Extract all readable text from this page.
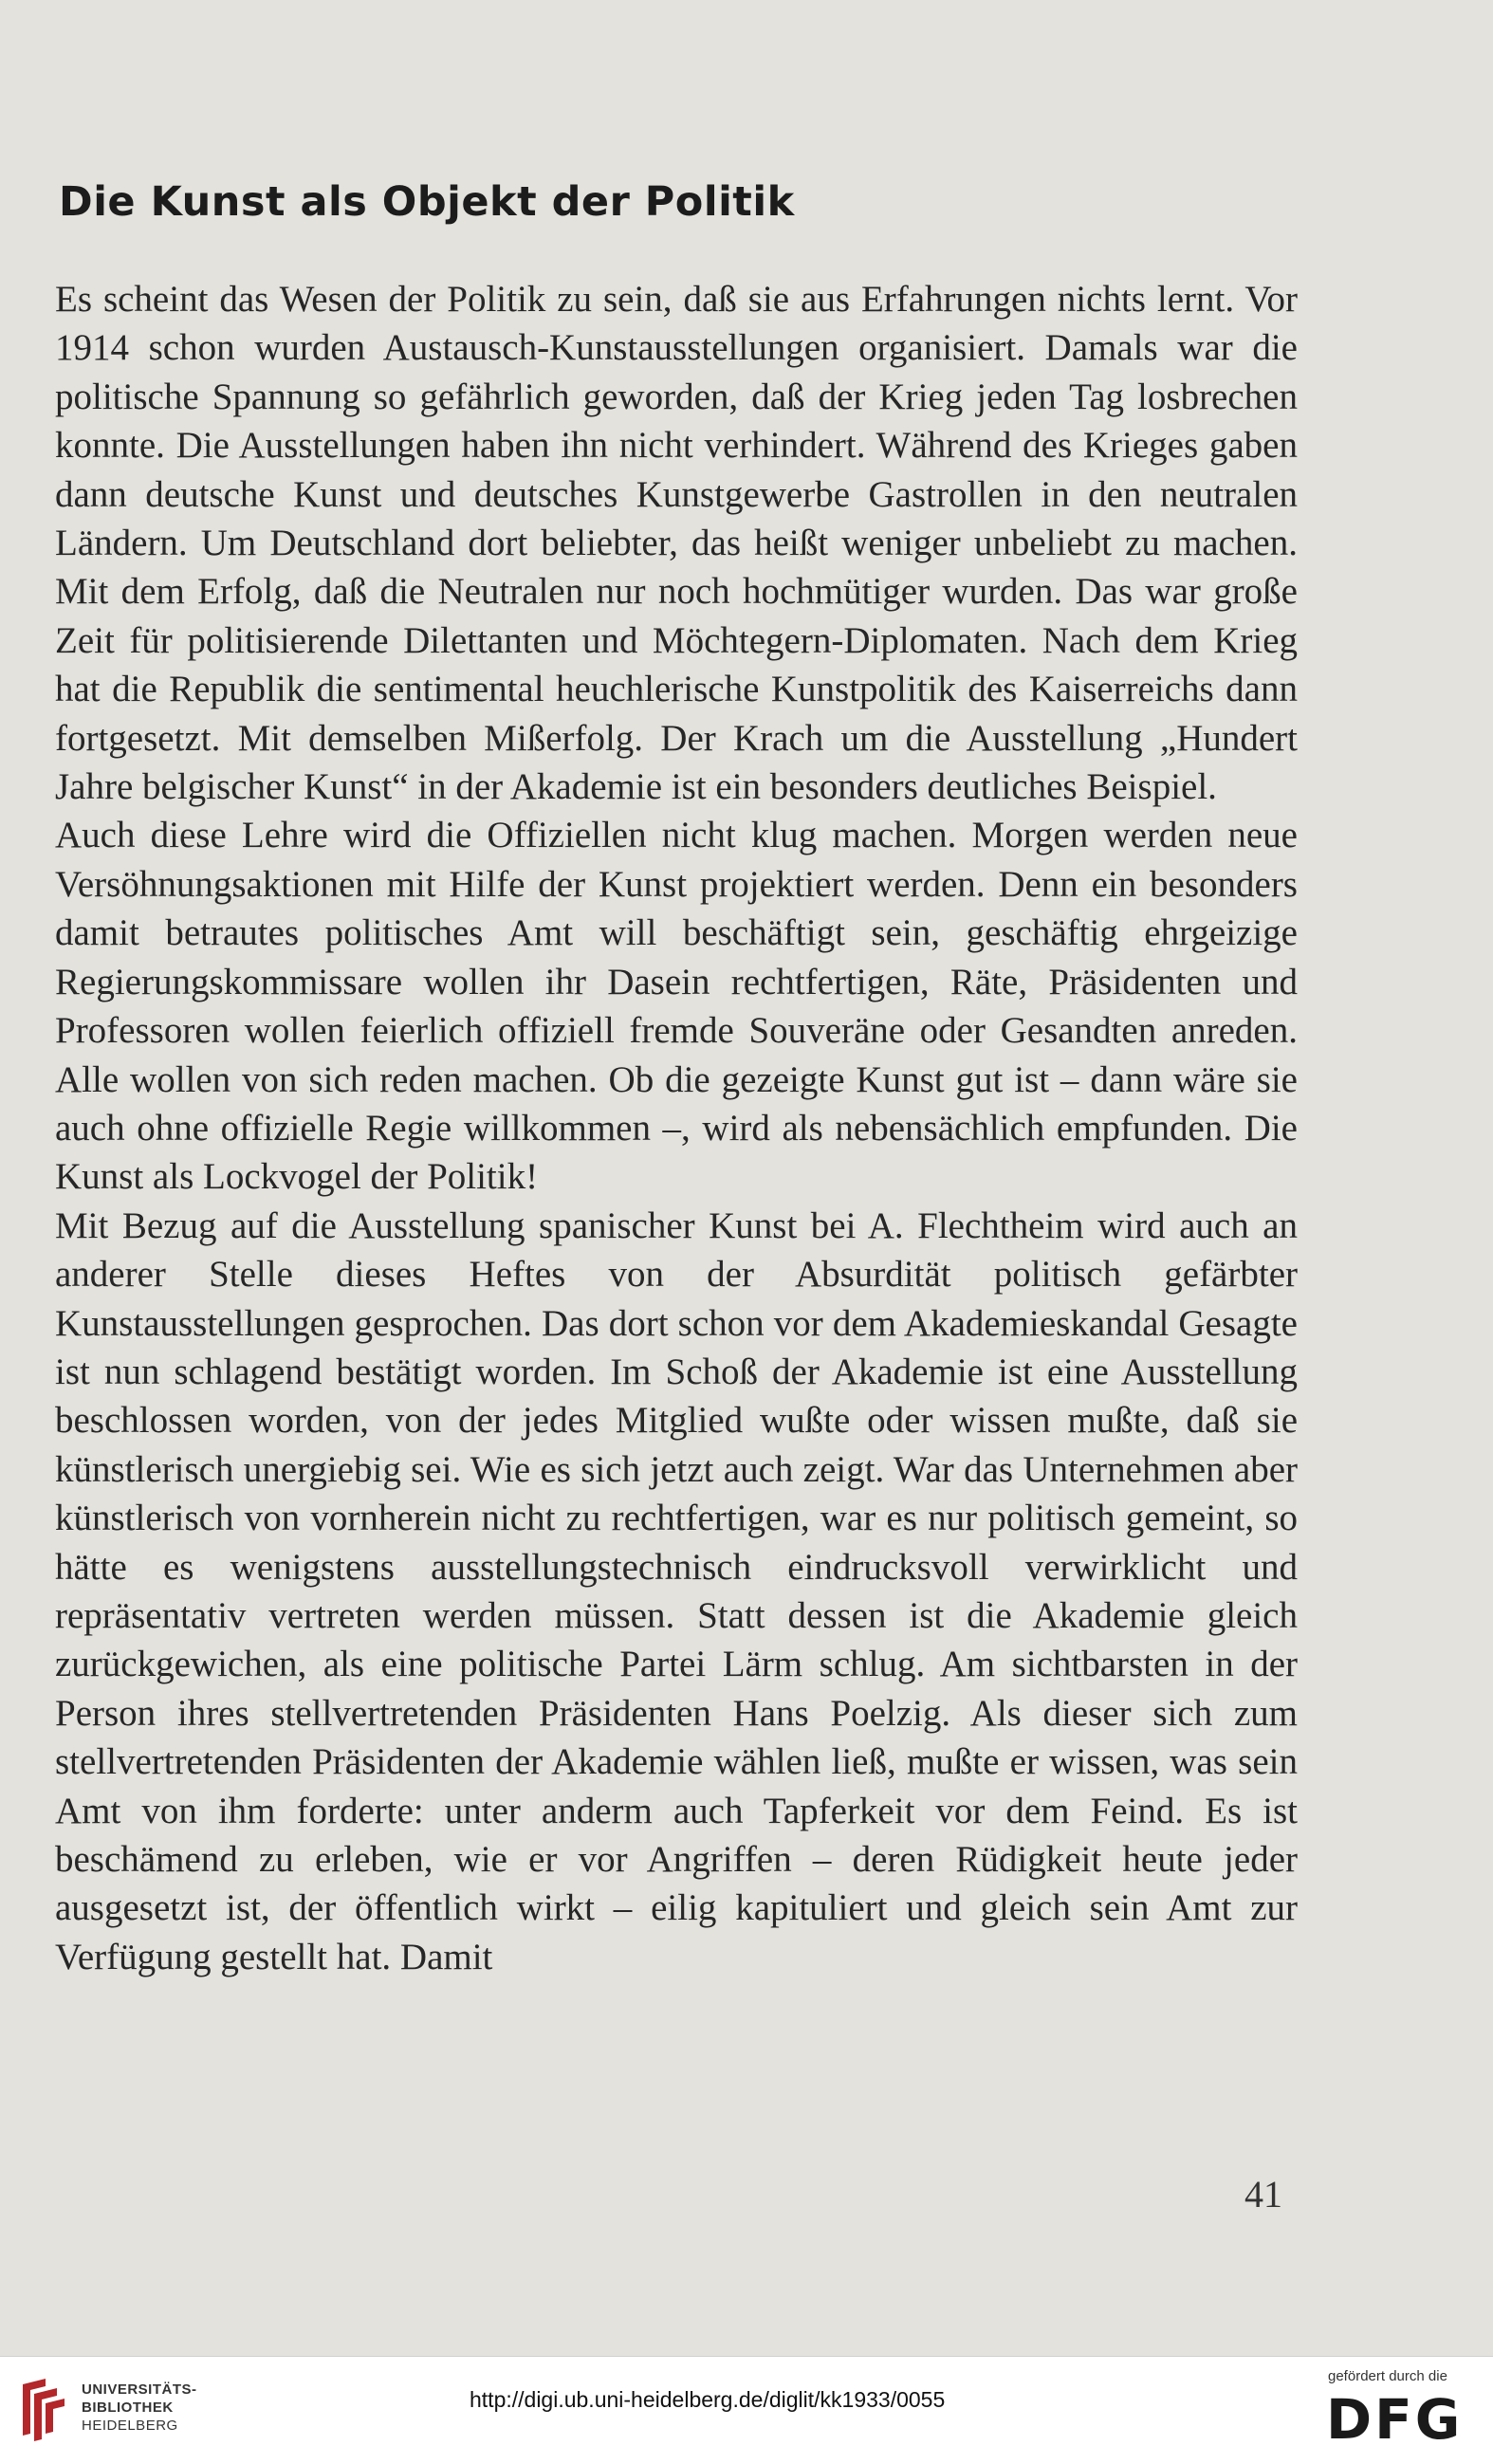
Die Kunst als Objekt der Politik

Es scheint das Wesen der Politik zu sein, daß sie aus Erfahrungen nichts lernt. Vor 1914 schon wurden Austausch-Kunstausstellungen organisiert. Damals war die politische Spannung so gefährlich geworden, daß der Krieg jeden Tag losbrechen konnte. Die Ausstellungen haben ihn nicht verhindert. Während des Krieges gaben dann deutsche Kunst und deutsches Kunstgewerbe Gastrollen in den neutralen Ländern. Um Deutschland dort beliebter, das heißt weniger unbeliebt zu machen. Mit dem Erfolg, daß die Neutralen nur noch hochmütiger wurden. Das war große Zeit für politisierende Dilettanten und Möchtegern-Diplomaten. Nach dem Krieg hat die Republik die sentimental heuchlerische Kunstpolitik des Kaiserreichs dann fortgesetzt. Mit demselben Mißerfolg. Der Krach um die Ausstellung „Hundert Jahre belgischer Kunst“ in der Akademie ist ein besonders deutliches Beispiel.

Auch diese Lehre wird die Offiziellen nicht klug machen. Morgen werden neue Versöhnungsaktionen mit Hilfe der Kunst projektiert werden. Denn ein besonders damit betrautes politisches Amt will beschäftigt sein, geschäftig ehrgeizige Regierungskommissare wollen ihr Dasein rechtfertigen, Räte, Präsidenten und Professoren wollen feierlich offiziell fremde Souveräne oder Gesandten anreden. Alle wollen von sich reden machen. Ob die gezeigte Kunst gut ist – dann wäre sie auch ohne offizielle Regie willkommen –, wird als nebensächlich empfunden. Die Kunst als Lockvogel der Politik!

Mit Bezug auf die Ausstellung spanischer Kunst bei A. Flechtheim wird auch an anderer Stelle dieses Heftes von der Absurdität politisch gefärbter Kunstausstellungen gesprochen. Das dort schon vor dem Akademieskandal Gesagte ist nun schlagend bestätigt worden. Im Schoß der Akademie ist eine Ausstellung beschlossen worden, von der jedes Mitglied wußte oder wissen mußte, daß sie künstlerisch unergiebig sei. Wie es sich jetzt auch zeigt. War das Unternehmen aber künstlerisch von vornherein nicht zu rechtfertigen, war es nur politisch gemeint, so hätte es wenigstens ausstellungstechnisch eindrucksvoll verwirklicht und repräsentativ vertreten werden müssen. Statt dessen ist die Akademie gleich zurückgewichen, als eine politische Partei Lärm schlug. Am sichtbarsten in der Person ihres stellvertretenden Präsidenten Hans Poelzig. Als dieser sich zum stellvertretenden Präsidenten der Akademie wählen ließ, mußte er wissen, was sein Amt von ihm forderte: unter anderm auch Tapferkeit vor dem Feind. Es ist beschämend zu erleben, wie er vor Angriffen – deren Rüdigkeit heute jeder ausgesetzt ist, der öffentlich wirkt – eilig kapituliert und gleich sein Amt zur Verfügung gestellt hat. Damit

41
UNIVERSITÄTS-
BIBLIOTHEK
HEIDELBERG
http://digi.ub.uni-heidelberg.de/diglit/kk1933/0055
gefördert durch die
DFG
